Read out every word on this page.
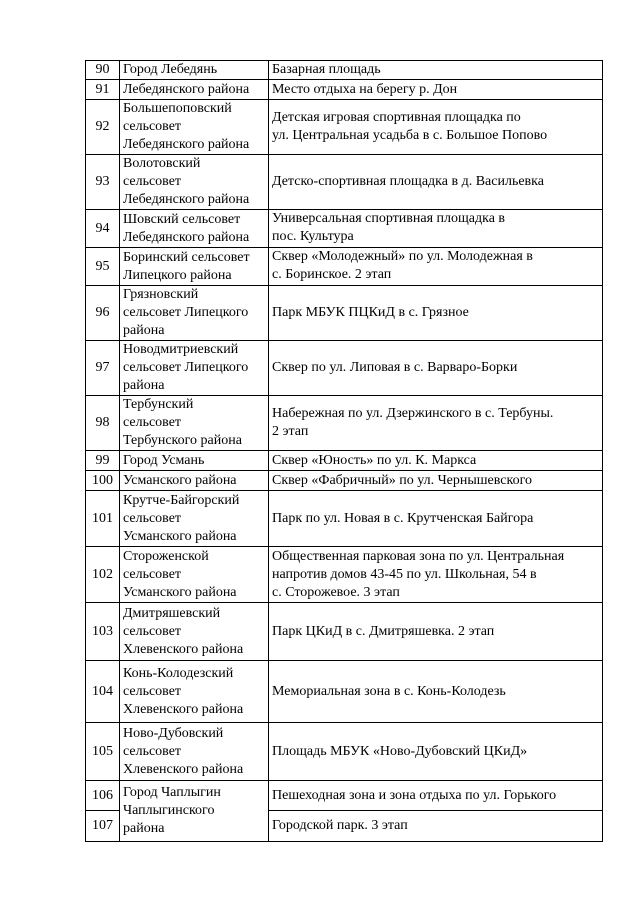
90	Город Лебедянь	Базарная площадь

91	Лебедянского района	Место отдыха на берегу р. Дон

92	Большепоповский
сельсовет
Лебедянского района	Детская игровая спортивная площадка по
ул. Центральная усадьба в с. Большое Попово

93	Волотовский
сельсовет
Лебедянского района	Детско-спортивная площадка в д. Васильевка

94	Шовский сельсовет
Лебедянского района	Универсальная спортивная площадка в
пос. Культура

95	Боринский сельсовет
Липецкого района	Сквер «Молодежный» по ул. Молодежная в
с. Боринское. 2 этап

96	Грязновский
сельсовет Липецкого
района	Парк МБУК ПЦКиД в с. Грязное

97	Новодмитриевский
сельсовет Липецкого
района	Сквер по ул. Липовая в с. Варваро-Борки

98	Тербунский
сельсовет
Тербунского района	Набережная по ул. Дзержинского в с. Тербуны.
2 этап

99	Город Усмань	Сквер «Юность» по ул. К. Маркса

100	Усманского района	Сквер «Фабричный» по ул. Чернышевского

101	Крутче-Байгорский
сельсовет
Усманского района	Парк по ул. Новая в с. Крутченская Байгора

102	Стороженской
сельсовет
Усманского района	Общественная парковая зона по ул. Центральная
напротив домов 43-45 по ул. Школьная, 54 в
с. Сторожевое. 3 этап

103	Дмитряшевский
сельсовет
Хлевенского района	Парк ЦКиД в с. Дмитряшевка. 2 этап

104	Конь-Колодезский
сельсовет
Хлевенского района	Мемориальная зона в с. Конь-Колодезь

105	Ново-Дубовский
сельсовет
Хлевенского района	Площадь МБУК «Ново-Дубовский ЦКиД»

106	Город Чаплыгин
Чаплыгинского
района	Пешеходная зона и зона отдыха по ул. Горького

107		Городской парк. 3 этап
